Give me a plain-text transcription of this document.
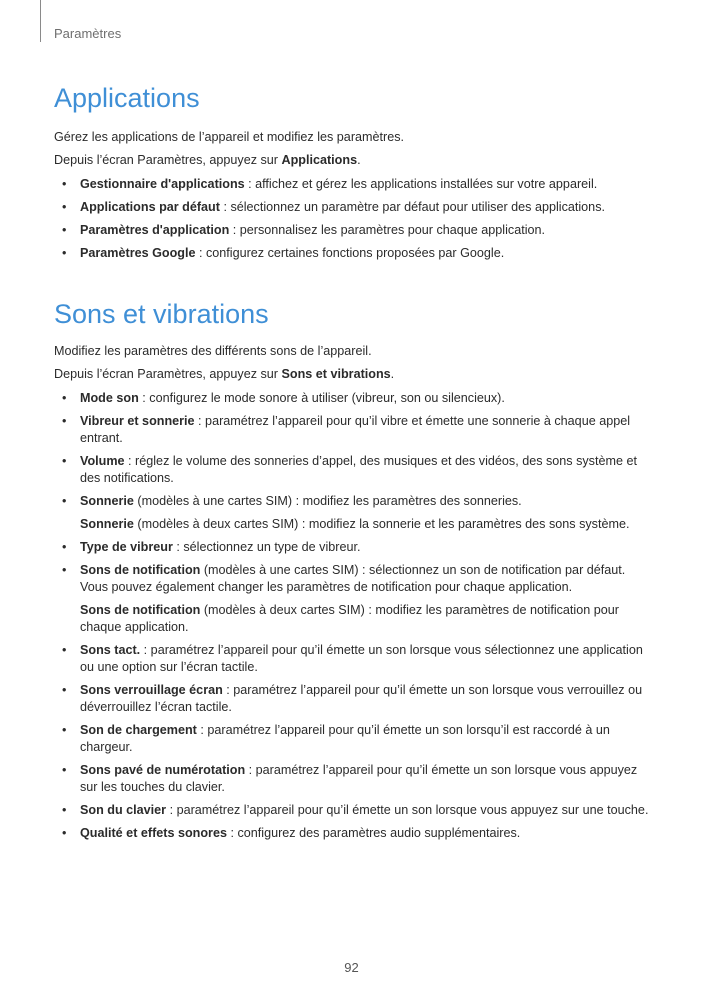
Paramètres
Applications

Gérez les applications de l’appareil et modifiez les paramètres.

Depuis l’écran Paramètres, appuyez sur Applications.

• Gestionnaire d'applications : affichez et gérez les applications installées sur votre appareil.
• Applications par défaut : sélectionnez un paramètre par défaut pour utiliser des applications.
• Paramètres d'application : personnalisez les paramètres pour chaque application.
• Paramètres Google : configurez certaines fonctions proposées par Google.
Sons et vibrations

Modifiez les paramètres des différents sons de l’appareil.

Depuis l’écran Paramètres, appuyez sur Sons et vibrations.

• Mode son : configurez le mode sonore à utiliser (vibreur, son ou silencieux).
• Vibreur et sonnerie : paramétrez l’appareil pour qu’il vibre et émette une sonnerie à chaque appel entrant.
• Volume : réglez le volume des sonneries d’appel, des musiques et des vidéos, des sons système et des notifications.
• Sonnerie (modèles à une cartes SIM) : modifiez les paramètres des sonneries.
Sonnerie (modèles à deux cartes SIM) : modifiez la sonnerie et les paramètres des sons système.
• Type de vibreur : sélectionnez un type de vibreur.
• Sons de notification (modèles à une cartes SIM) : sélectionnez un son de notification par défaut. Vous pouvez également changer les paramètres de notification pour chaque application.
Sons de notification (modèles à deux cartes SIM) : modifiez les paramètres de notification pour chaque application.
• Sons tact. : paramétrez l’appareil pour qu’il émette un son lorsque vous sélectionnez une application ou une option sur l’écran tactile.
• Sons verrouillage écran : paramétrez l’appareil pour qu’il émette un son lorsque vous verrouillez ou déverrouillez l’écran tactile.
• Son de chargement : paramétrez l’appareil pour qu’il émette un son lorsqu’il est raccordé à un chargeur.
• Sons pavé de numérotation : paramétrez l’appareil pour qu’il émette un son lorsque vous appuyez sur les touches du clavier.
• Son du clavier : paramétrez l’appareil pour qu’il émette un son lorsque vous appuyez sur une touche.
• Qualité et effets sonores : configurez des paramètres audio supplémentaires.
92
